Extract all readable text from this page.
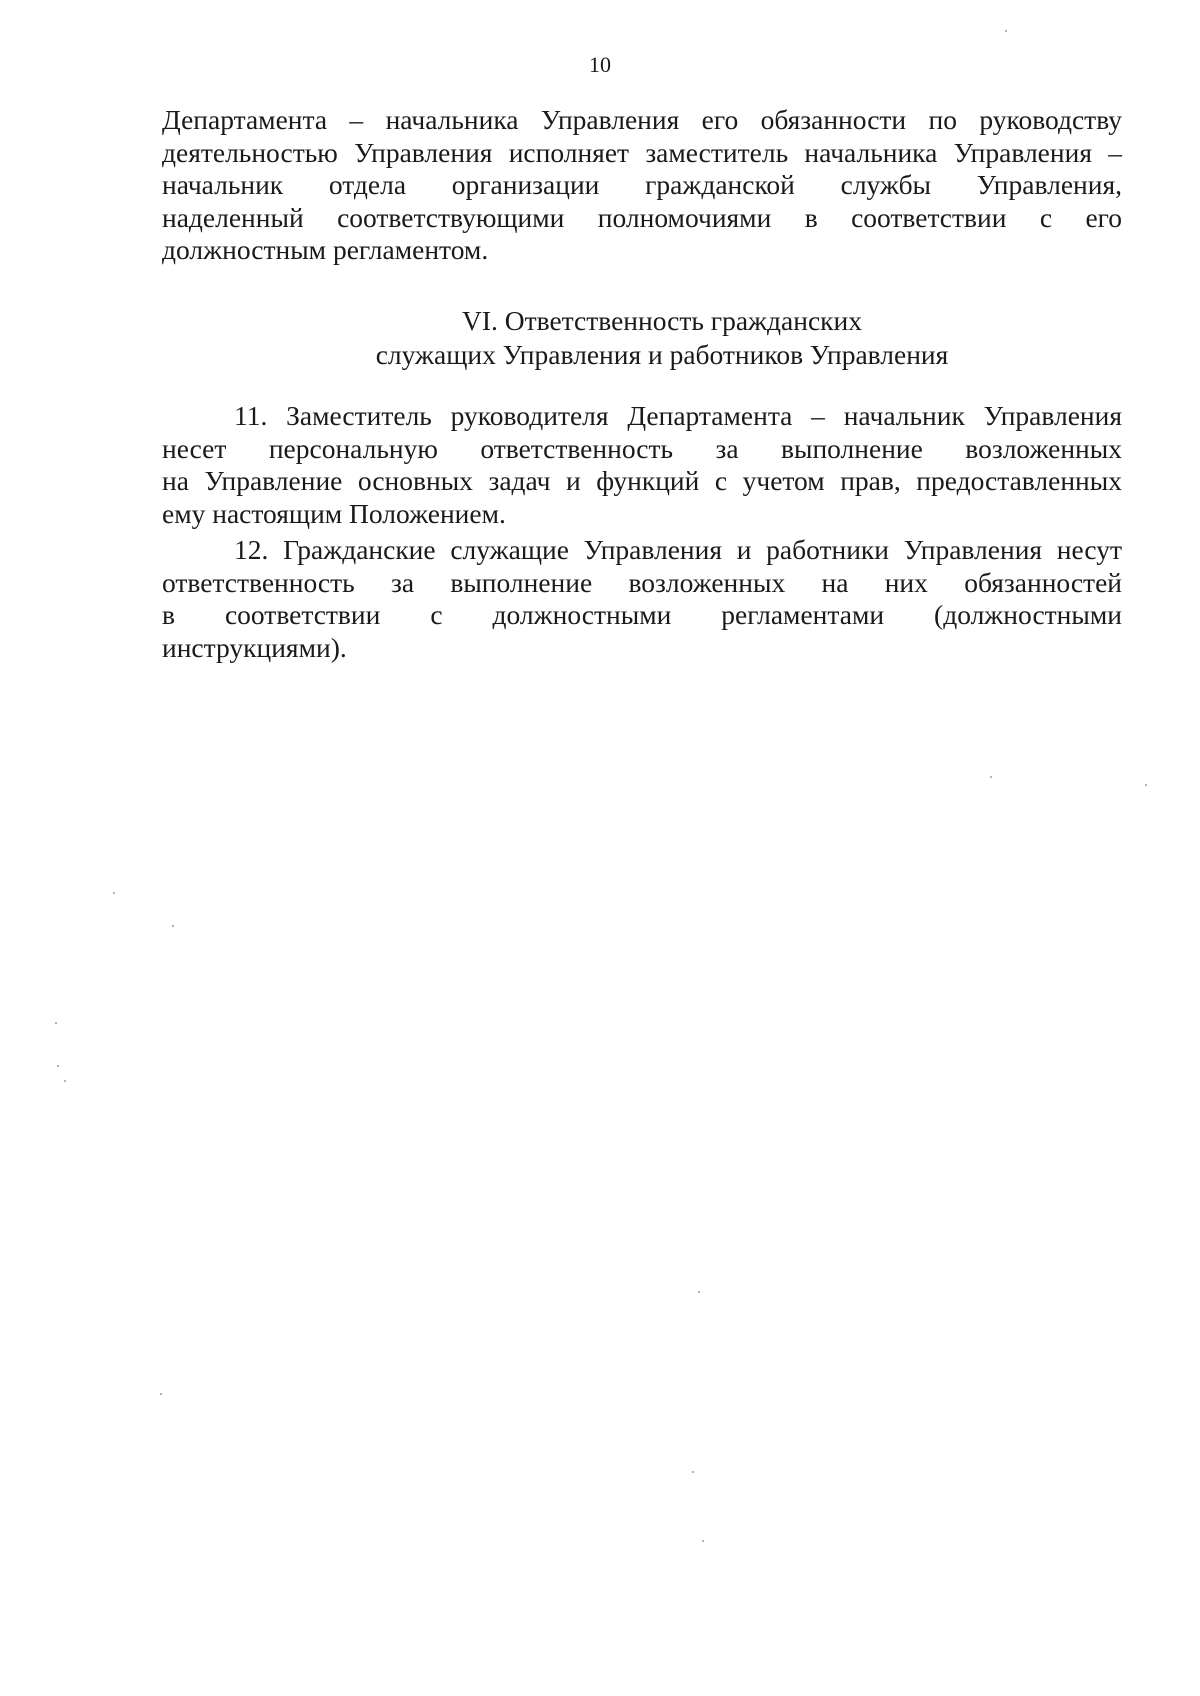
10
Департамента – начальника Управления его обязанности по руководству
деятельностью Управления исполняет заместитель начальника Управления –
начальник отдела организации гражданской службы Управления,
наделенный соответствующими полномочиями в соответствии с его
должностным регламентом.
VI. Ответственность гражданских
служащих Управления и работников Управления
11. Заместитель руководителя Департамента – начальник Управления
несет персональную ответственность за выполнение возложенных
на Управление основных задач и функций с учетом прав, предоставленных
ему настоящим Положением.
12. Гражданские служащие Управления и работники Управления несут
ответственность за выполнение возложенных на них обязанностей
в соответствии с должностными регламентами (должностными
инструкциями).
